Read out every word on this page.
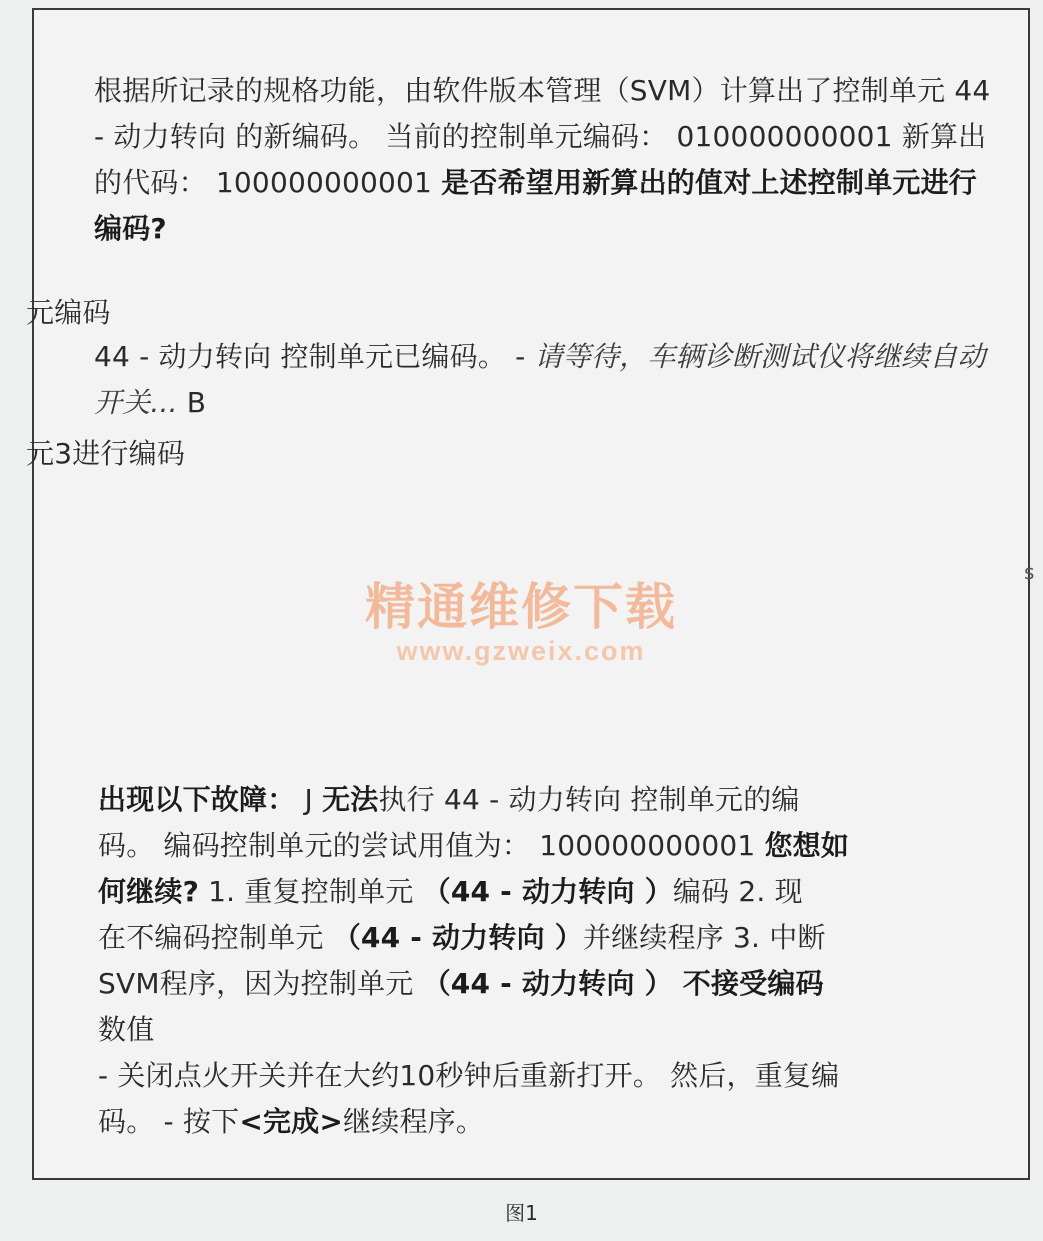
根据所记录的规格功能，由软件版本管理（SVM）计算出了控制单元 44 - 动力转向 的新编码。 当前的控制单元编码： 010000000001 新算出的代码： 100000000001 是否希望用新算出的值对上述控制单元进行编码?
元编码
44 - 动力转向 控制单元已编码。 - 请等待，车辆诊断测试仪将继续自动开关... B
元3进行编码
精通维修下载
www.gzweix.com
s
出现以下故障： J 无法执行 44 - 动力转向 控制单元的编
码。 编码控制单元的尝试用值为： 100000000001 您想如
何继续? 1. 重复控制单元 （44 - 动力转向 ）编码 2. 现
在不编码控制单元 （44 - 动力转向 ）并继续程序 3. 中断
SVM程序，因为控制单元 （44 - 动力转向 ） 不接受编码
数值
- 关闭点火开关并在大约10秒钟后重新打开。 然后，重复编
码。 - 按下<完成>继续程序。
图1
